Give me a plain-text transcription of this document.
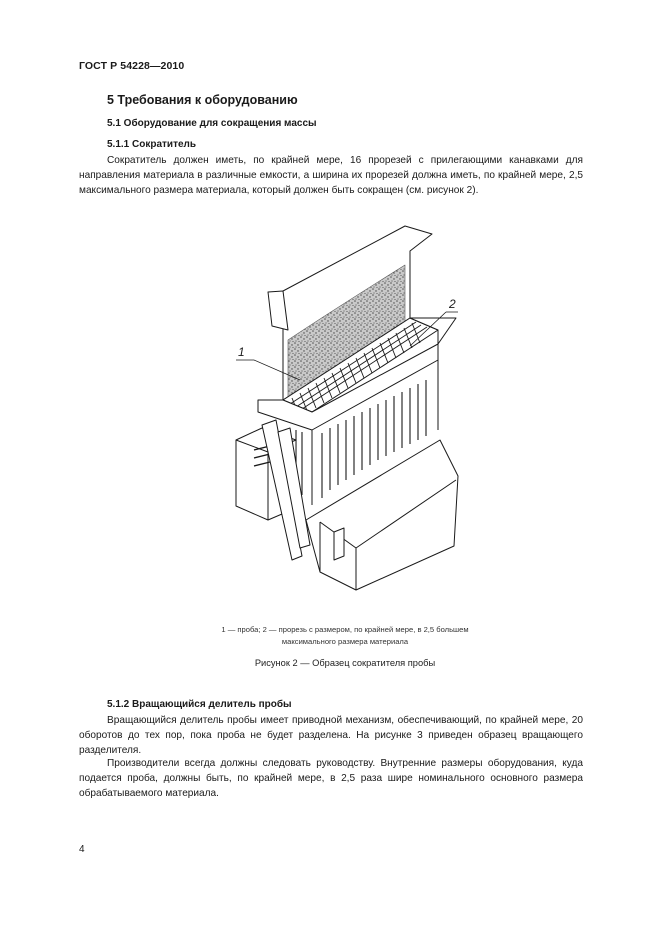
ГОСТ Р 54228—2010
5 Требования к оборудованию
5.1 Оборудование для сокращения массы
5.1.1 Сократитель
Сократитель должен иметь, по крайней мере, 16 прорезей с прилегающими канавками для направления материала в различные емкости, а ширина их прорезей должна иметь, по крайней мере, 2,5 максимального размера материала, который должен быть сокращен (см. рисунок 2).
1
2
1 — проба; 2 — прорезь с размером, по крайней мере, в 2,5 большем
максимального размера материала
Рисунок 2 — Образец сократителя пробы
5.1.2 Вращающийся делитель пробы
Вращающийся делитель пробы имеет приводной механизм, обеспечивающий, по крайней мере, 20 оборотов до тех пор, пока проба не будет разделена. На рисунке 3 приведен образец вращающего разделителя.
Производители всегда должны следовать руководству. Внутренние размеры оборудования, куда подается проба, должны быть, по крайней мере, в 2,5 раза шире номинального основного размера обрабатываемого материала.
4
